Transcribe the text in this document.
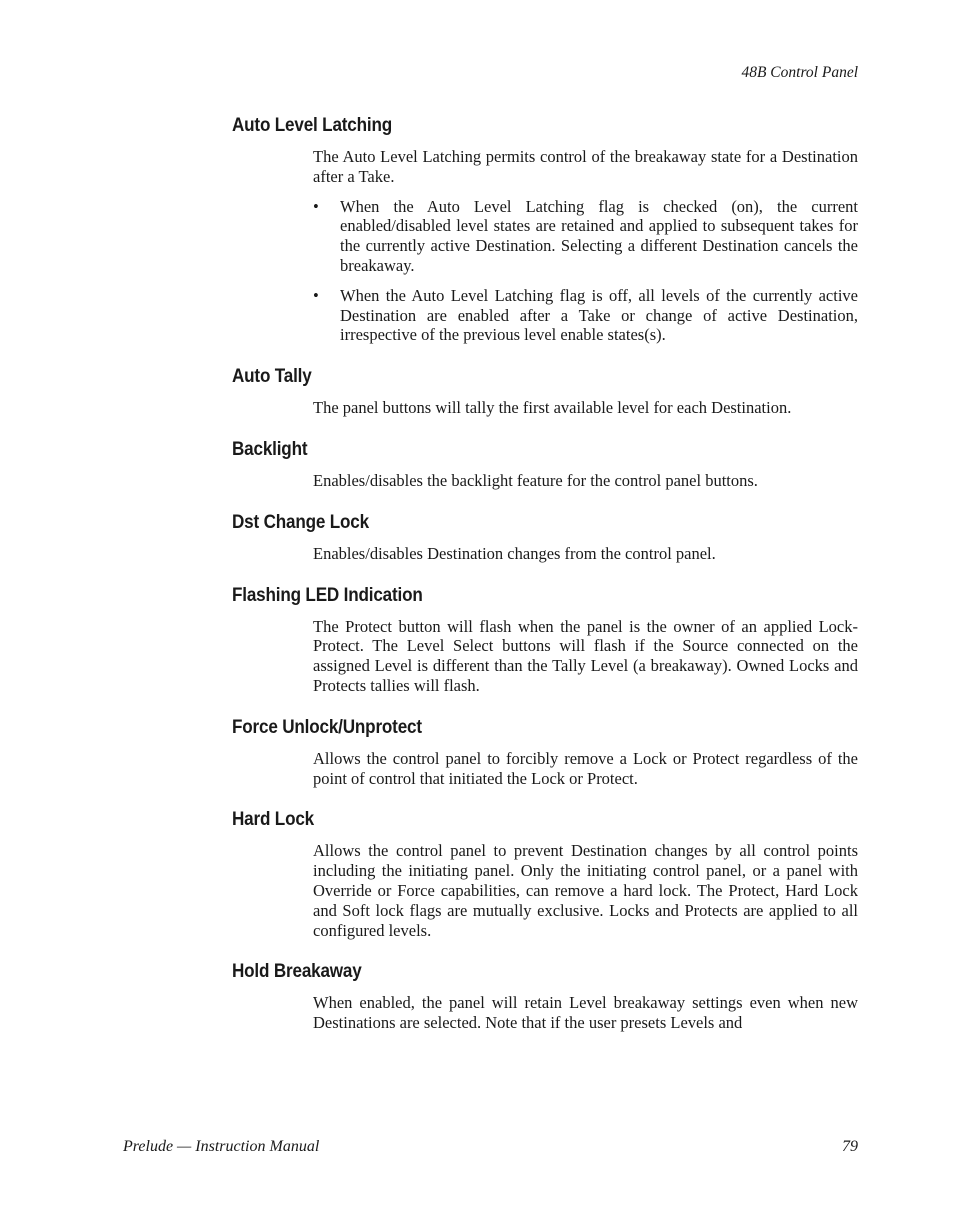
48B Control Panel
Auto Level Latching

The Auto Level Latching permits control of the breakaway state for a Destination after a Take.

• When the Auto Level Latching flag is checked (on), the current enabled/disabled level states are retained and applied to subsequent takes for the currently active Destination. Selecting a different Destination cancels the breakaway.
• When the Auto Level Latching flag is off, all levels of the currently active Destination are enabled after a Take or change of active Destination, irrespective of the previous level enable states(s).
Auto Tally

The panel buttons will tally the first available level for each Destination.

Backlight

Enables/disables the backlight feature for the control panel buttons.

Dst Change Lock

Enables/disables Destination changes from the control panel.

Flashing LED Indication

The Protect button will flash when the panel is the owner of an applied Lock-Protect. The Level Select buttons will flash if the Source connected on the assigned Level is different than the Tally Level (a breakaway). Owned Locks and Protects tallies will flash.

Force Unlock/Unprotect

Allows the control panel to forcibly remove a Lock or Protect regardless of the point of control that initiated the Lock or Protect.

Hard Lock

Allows the control panel to prevent Destination changes by all control points including the initiating panel. Only the initiating control panel, or a panel with Override or Force capabilities, can remove a hard lock. The Protect, Hard Lock and Soft lock flags are mutually exclusive. Locks and Protects are applied to all configured levels.

Hold Breakaway

When enabled, the panel will retain Level breakaway settings even when new Destinations are selected. Note that if the user presets Levels and

Prelude — Instruction Manual	79
